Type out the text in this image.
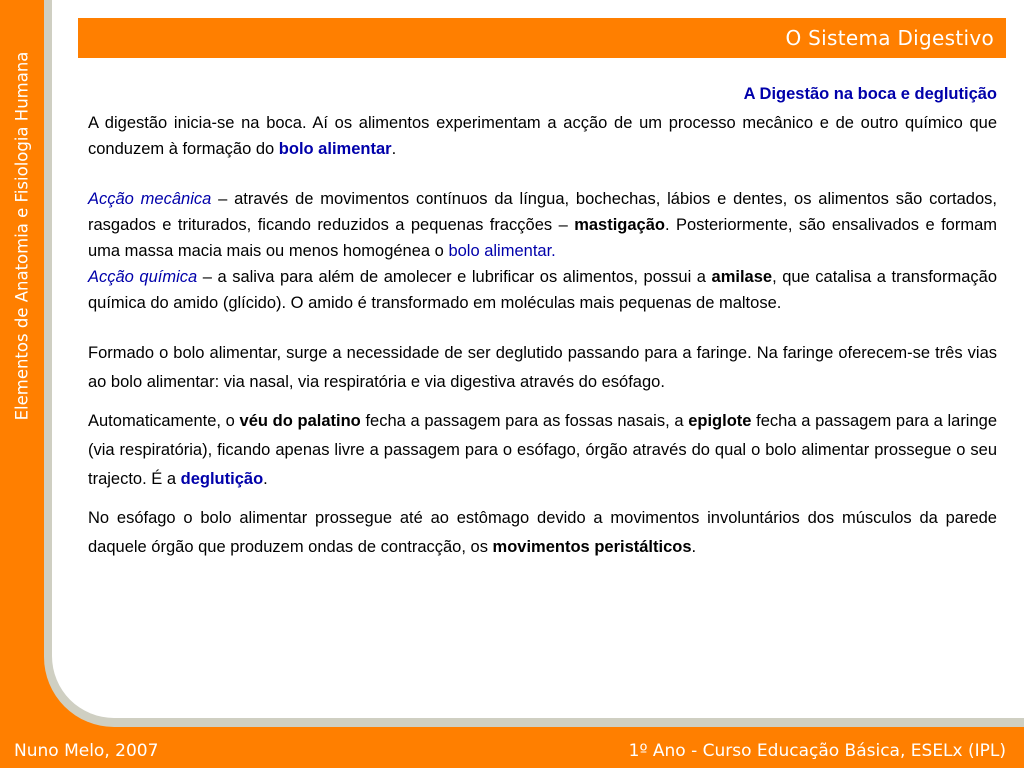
Elementos de Anatomia e Fisiologia Humana
O Sistema Digestivo
A Digestão na boca e deglutição

A digestão inicia-se na boca. Aí os alimentos experimentam a acção de um processo mecânico e de outro químico que conduzem à formação do bolo alimentar.

Acção mecânica – através de movimentos contínuos da língua, bochechas, lábios e dentes, os alimentos são cortados, rasgados e triturados, ficando reduzidos a pequenas fracções – mastigação. Posteriormente, são ensalivados e formam uma massa macia mais ou menos homogénea o bolo alimentar.

Acção química – a saliva para além de amolecer e lubrificar os alimentos, possui a amilase, que catalisa a transformação química do amido (glícido). O amido é transformado em moléculas mais pequenas de maltose.

Formado o bolo alimentar, surge a necessidade de ser deglutido passando para a faringe. Na faringe oferecem-se três vias ao bolo alimentar: via nasal, via respiratória e via digestiva através do esófago.

Automaticamente, o véu do palatino fecha a passagem para as fossas nasais, a epiglote fecha a passagem para a laringe (via respiratória), ficando apenas livre a passagem para o esófago, órgão através do qual o bolo alimentar prossegue o seu trajecto. É a deglutição.

No esófago o bolo alimentar prossegue até ao estômago devido a movimentos involuntários dos músculos da parede daquele órgão que produzem ondas de contracção, os movimentos peristálticos.

Nuno Melo, 2007	1º Ano - Curso Educação Básica, ESELx (IPL)
